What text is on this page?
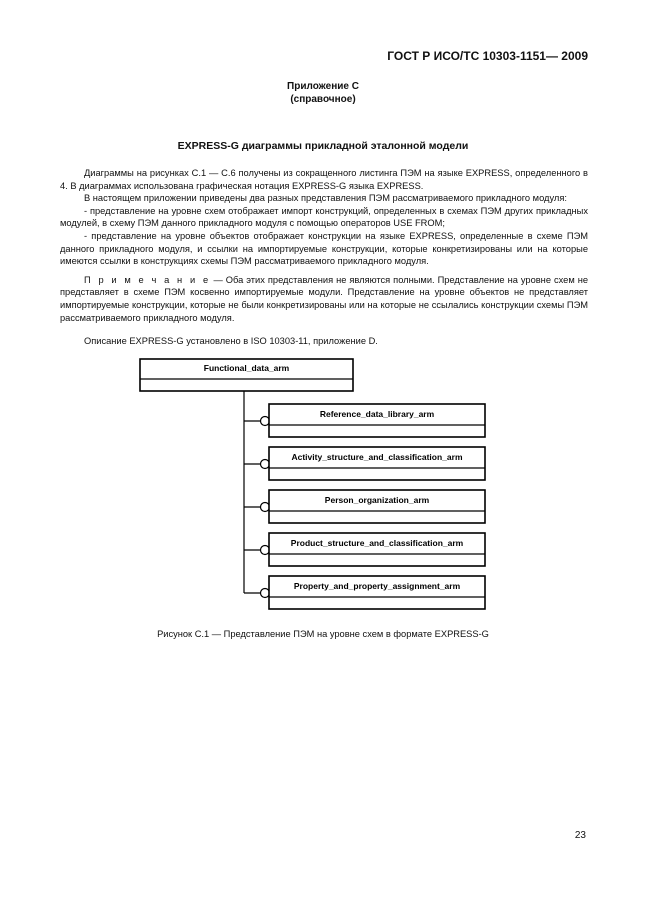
ГОСТ Р ИСО/ТС 10303-1151— 2009
Приложение С
(справочное)
EXPRESS-G диаграммы прикладной эталонной модели

Диаграммы на рисунках С.1 — С.6 получены из сокращенного листинга ПЭМ на языке EXPRESS, определенного в 4. В диаграммах использована графическая нотация EXPRESS-G языка EXPRESS.

В настоящем приложении приведены два разных представления ПЭМ рассматриваемого прикладного модуля:

- представление на уровне схем отображает импорт конструкций, определенных в схемах ПЭМ других прикладных модулей, в схему ПЭМ данного прикладного модуля с помощью операторов USE FROM;

- представление на уровне объектов отображает конструкции на языке EXPRESS, определенные в схеме ПЭМ данного прикладного модуля, и ссылки на импортируемые конструкции, которые конкретизированы или на которые имеются ссылки в конструкциях схемы ПЭМ рассматриваемого прикладного модуля.

П р и м е ч а н и е — Оба этих представления не являются полными. Представление на уровне схем не представляет в схеме ПЭМ косвенно импортируемые модули. Представление на уровне объектов не представляет импортируемые конструкции, которые не были конкретизированы или на которые не ссылались конструкции схемы ПЭМ рассматриваемого прикладного модуля.

Описание EXPRESS-G установлено в ISO 10303-11, приложение D.
Functional_data_arm
Reference_data_library_arm
Activity_structure_and_classification_arm
Person_organization_arm
Product_structure_and_classification_arm
Property_and_property_assignment_arm
Рисунок С.1 — Представление ПЭМ на уровне схем в формате EXPRESS-G
23
